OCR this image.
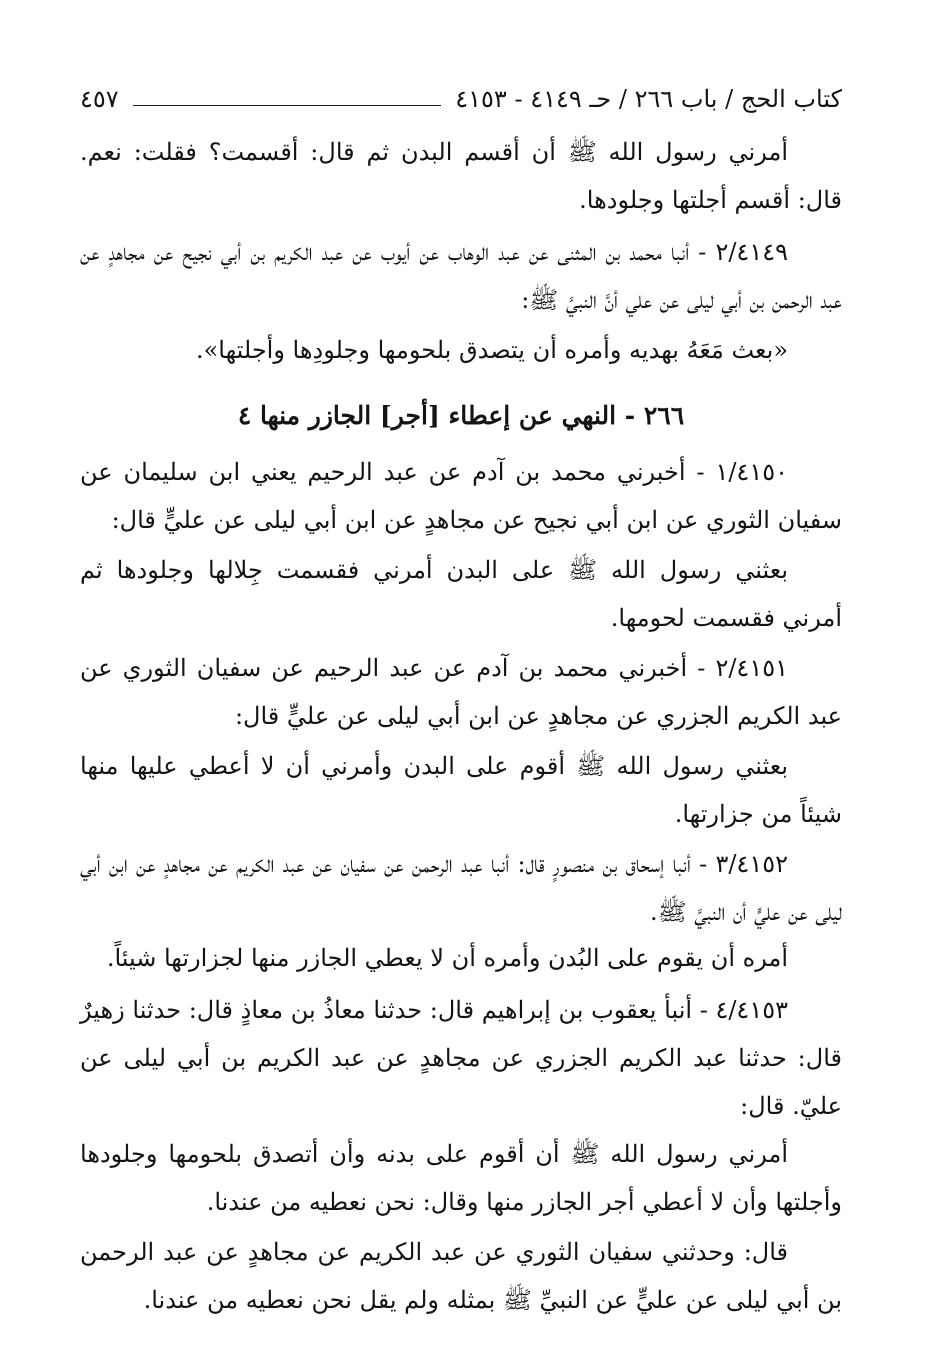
كتاب الحج / باب ٢٦٦ / حـ ٤١٤٩ - ٤١٥٣
٤٥٧

أمرني رسول الله ﷺ أن أقسم البدن ثم قال: أقسمت؟ فقلت: نعم. قال: أقسم أجلتها وجلودها.

٢/٤١٤٩ - أنبا محمد بن المثنى عن عبد الوهاب عن أيوب عن عبد الكريم بن أبي نجيح عن مجاهدٍ عن عبد الرحمن بن أبي ليلى عن علي أنَّ النبيَّ ﷺ:

«بعث مَعَهُ بهديه وأمره أن يتصدق بلحومها وجلودِها وأجلتها».

٢٦٦ - النهي عن إعطاء [أجر] الجازر منها ٤

١/٤١٥٠ - أخبرني محمد بن آدم عن عبد الرحيم يعني ابن سليمان عن سفيان الثوري عن ابن أبي نجيح عن مجاهدٍ عن ابن أبي ليلى عن عليٍّ قال:

بعثني رسول الله ﷺ على البدن أمرني فقسمت جِلالها وجلودها ثم أمرني فقسمت لحومها.

٢/٤١٥١ - أخبرني محمد بن آدم عن عبد الرحيم عن سفيان الثوري عن عبد الكريم الجزري عن مجاهدٍ عن ابن أبي ليلى عن عليٍّ قال:

بعثني رسول الله ﷺ أقوم على البدن وأمرني أن لا أعطي عليها منها شيئاً من جزارتها.

٣/٤١٥٢ - أنبا إسحاق بن منصورٍ قال: أنبا عبد الرحمن عن سفيان عن عبد الكريم عن مجاهدٍ عن ابن أبي ليلى عن عليٍّ أن النبيَّ ﷺ.

أمره أن يقوم على البُدن وأمره أن لا يعطي الجازر منها لجزارتها شيئاً.

٤/٤١٥٣ - أنبأ يعقوب بن إبراهيم قال: حدثنا معاذُ بن معاذٍ قال: حدثنا زهيرٌ قال: حدثنا عبد الكريم الجزري عن مجاهدٍ عن عبد الكريم بن أبي ليلى عن عليّ. قال:

أمرني رسول الله ﷺ أن أقوم على بدنه وأن أتصدق بلحومها وجلودها وأجلتها وأن لا أعطي أجر الجازر منها وقال: نحن نعطيه من عندنا.

قال: وحدثني سفيان الثوري عن عبد الكريم عن مجاهدٍ عن عبد الرحمن بن أبي ليلى عن عليٍّ عن النبيِّ ﷺ بمثله ولم يقل نحن نعطيه من عندنا.
